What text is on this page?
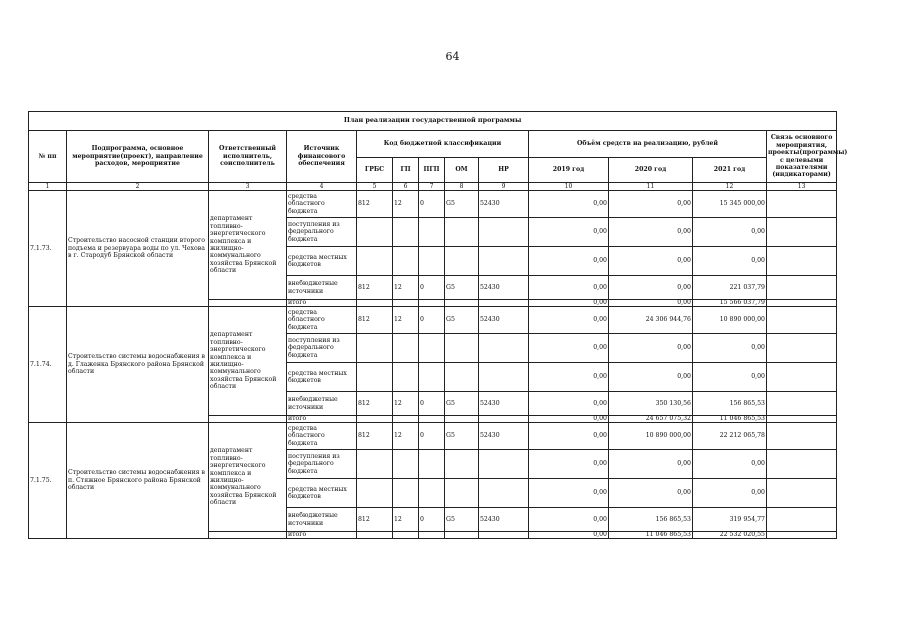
64
План реализации государственной программы												
№ пп	Подпрограмма, основное мероприятие(проект), направление расходов, мероприятие	Ответственный исполнитель, соисполнитель	Источник финансового обеспечения	Код бюджетной классификации					Объём средств на реализацию, рублей			Связь основного мероприятия, проекты(программы) с целевыми показателями (индикаторами)
				ГРБС	ГП	ПГП	ОМ	НР	2019 год	2020 год	2021 год	
1	2	3	4	5	6	7	8	9	10	11	12	13
7.1.73.	Строительство насосной станции второго подъема и резервуара воды по ул. Чехова в г. Стародуб Брянской области	департамент топливно-энергетического комплекса и жилищно-коммунального хозяйства Брянской области	средства областного бюджета	812	12	0	G5	52430	0,00	0,00	15 345 000,00	
			поступления из федерального бюджета						0,00	0,00	0,00	
			средства местных бюджетов						0,00	0,00	0,00	
			внебюджетные источники	812	12	0	G5	52430	0,00	0,00	221 037,79	
			итого						0,00	0,00	15 566 037,79	
7.1.74.	Строительство системы водоснабжения в д. Глаженка Брянского района Брянской области	департамент топливно-энергетического комплекса и жилищно-коммунального хозяйства Брянской области	средства областного бюджета	812	12	0	G5	52430	0,00	24 306 944,76	10 890 000,00	
			поступления из федерального бюджета						0,00	0,00	0,00	
			средства местных бюджетов						0,00	0,00	0,00	
			внебюджетные источники	812	12	0	G5	52430	0,00	350 130,56	156 865,53	
			итого						0,00	24 657 075,32	11 046 865,53	
7.1.75.	Строительство системы водоснабжения в п. Стяжное Брянского района Брянской области	департамент топливно-энергетического комплекса и жилищно-коммунального хозяйства Брянской области	средства областного бюджета	812	12	0	G5	52430	0,00	10 890 000,00	22 212 065,78	
			поступления из федерального бюджета						0,00	0,00	0,00	
			средства местных бюджетов						0,00	0,00	0,00	
			внебюджетные источники	812	12	0	G5	52430	0,00	156 865,53	319 954,77	
			итого						0,00	11 046 865,53	22 532 020,55	
